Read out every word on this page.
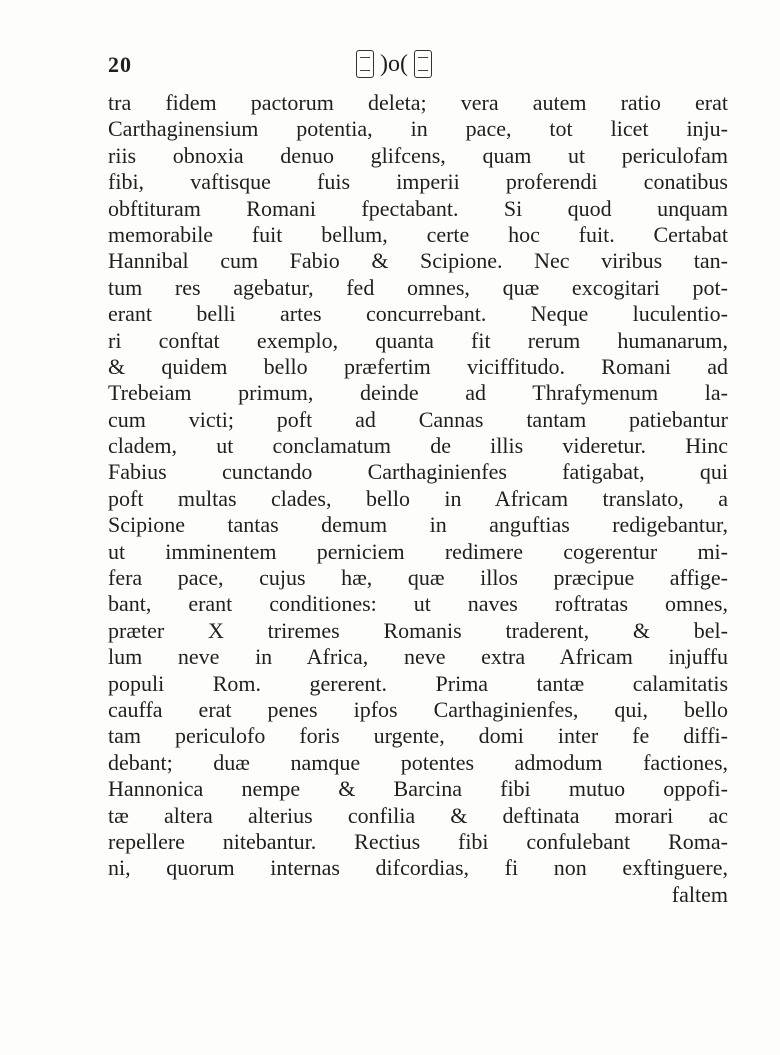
20	)o(
tra fidem pactorum deleta; vera autem ratio erat
Carthaginensium potentia, in pace, tot licet inju-
riis obnoxia denuo glifcens, quam ut periculofam
fibi, vaftisque fuis imperii proferendi conatibus
obftituram Romani fpectabant. Si quod unquam
memorabile fuit bellum, certe hoc fuit. Certabat
Hannibal cum Fabio & Scipione. Nec viribus tan-
tum res agebatur, fed omnes, quæ excogitari pot-
erant belli artes concurrebant. Neque luculentio-
ri conftat exemplo, quanta fit rerum humanarum,
& quidem bello præfertim viciffitudo. Romani ad
Trebeiam primum, deinde ad Thrafymenum la-
cum victi; poft ad Cannas tantam patiebantur
cladem, ut conclamatum de illis videretur. Hinc
Fabius cunctando Carthaginienfes fatigabat, qui
poft multas clades, bello in Africam translato, a
Scipione tantas demum in anguftias redigebantur,
ut imminentem perniciem redimere cogerentur mi-
fera pace, cujus hæ, quæ illos præcipue affige-
bant, erant conditiones: ut naves roftratas omnes,
præter X triremes Romanis traderent, & bel-
lum neve in Africa, neve extra Africam injuffu
populi Rom. gererent. Prima tantæ calamitatis
cauffa erat penes ipfos Carthaginienfes, qui, bello
tam periculofo foris urgente, domi inter fe diffi-
debant; duæ namque potentes admodum factiones,
Hannonica nempe & Barcina fibi mutuo oppofi-
tæ altera alterius confilia & deftinata morari ac
repellere nitebantur. Rectius fibi confulebant Roma-
ni, quorum internas difcordias, fi non exftinguere,
faltem
